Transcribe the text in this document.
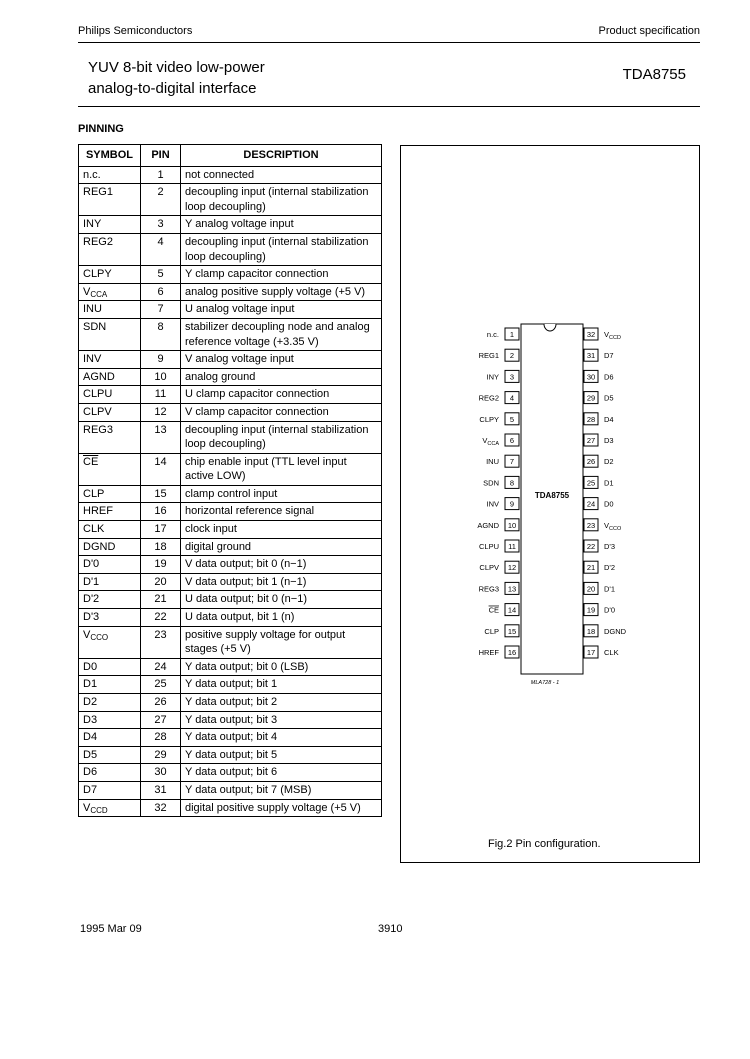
Philips Semiconductors	Product specification
YUV 8-bit video low-power
analog-to-digital interface
TDA8755
PINNING
SYMBOL	PIN	DESCRIPTION
n.c.	1	not connected
REG1	2	decoupling input (internal stabilization loop decoupling)
INY	3	Y analog voltage input
REG2	4	decoupling input (internal stabilization loop decoupling)
CLPY	5	Y clamp capacitor connection
$V_{CCA}$	6	analog positive supply voltage (+5 V)
INU	7	U analog voltage input
SDN	8	stabilizer decoupling node and analog reference voltage (+3.35 V)
INV	9	V analog voltage input
AGND	10	analog ground
CLPU	11	U clamp capacitor connection
CLPV	12	V clamp capacitor connection
REG3	13	decoupling input (internal stabilization loop decoupling)
$\overline{CE}$	14	chip enable input (TTL level input active LOW)
CLP	15	clamp control input
HREF	16	horizontal reference signal
CLK	17	clock input
DGND	18	digital ground
D'0	19	V data output; bit 0 (n−1)
D'1	20	V data output; bit 1 (n−1)
D'2	21	U data output; bit 0 (n−1)
D'3	22	U data output, bit 1 (n)
$V_{CCO}$	23	positive supply voltage for output stages (+5 V)
D0	24	Y data output; bit 0 (LSB)
D1	25	Y data output; bit 1
D2	26	Y data output; bit 2
D3	27	Y data output; bit 3
D4	28	Y data output; bit 4
D5	29	Y data output; bit 5
D6	30	Y data output; bit 6
D7	31	Y data output; bit 7 (MSB)
$V_{CCD}$	32	digital positive supply voltage (+5 V)
TDA8755
MLA728 - 1
1
n.c.
2
REG1
3
INY
4
REG2
5
CLPY
6
$V_{CCA}$
7
INU
8
SDN
9
INV
10
AGND
11
CLPU
12
CLPV
13
REG3
14
CE
15
CLP
16
HREF
32 $V_{CCD}$
31 D7
30 D6
29 D5
28 D4
27 D3
26 D2
25 D1
24 D0
23 $V_{CCO}$
22 D'3
21 D'2
20 D'1
19 D'0
18 DGND
17 CLK
Fig.2 Pin configuration.
1995 Mar 09	3910
